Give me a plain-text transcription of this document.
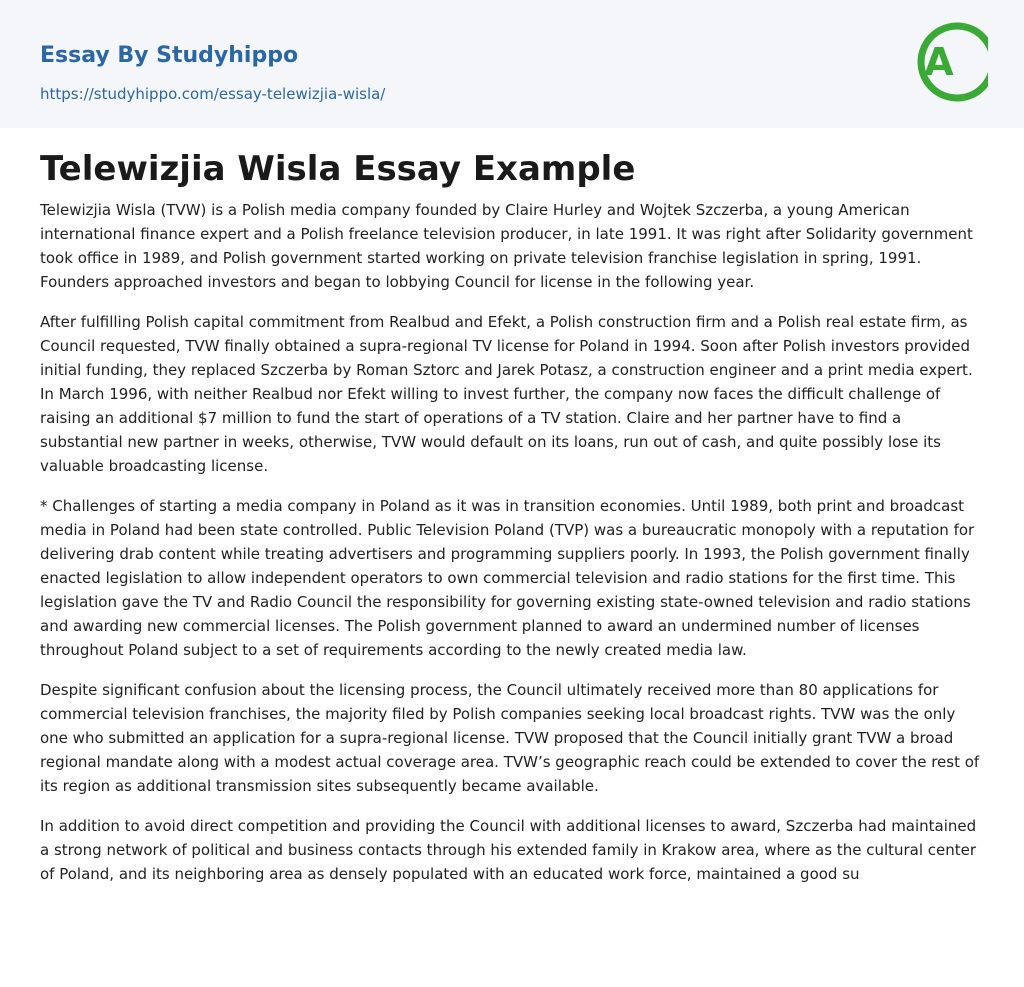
Essay By Studyhippo
https://studyhippo.com/essay-telewizjia-wisla/
A
Telewizjia Wisla Essay Example

Telewizjia Wisla (TVW) is a Polish media company founded by Claire Hurley and Wojtek Szczerba, a young American international finance expert and a Polish freelance television producer, in late 1991. It was right after Solidarity government took office in 1989, and Polish government started working on private television franchise legislation in spring, 1991. Founders approached investors and began to lobbying Council for license in the following year.

After fulfilling Polish capital commitment from Realbud and Efekt, a Polish construction firm and a Polish real estate firm, as Council requested, TVW finally obtained a supra-regional TV license for Poland in 1994. Soon after Polish investors provided initial funding, they replaced Szczerba by Roman Sztorc and Jarek Potasz, a construction engineer and a print media expert. In March 1996, with neither Realbud nor Efekt willing to invest further, the company now faces the difficult challenge of raising an additional $7 million to fund the start of operations of a TV station. Claire and her partner have to find a substantial new partner in weeks, otherwise, TVW would default on its loans, run out of cash, and quite possibly lose its valuable broadcasting license.

* Challenges of starting a media company in Poland as it was in transition economies. Until 1989, both print and broadcast media in Poland had been state controlled. Public Television Poland (TVP) was a bureaucratic monopoly with a reputation for delivering drab content while treating advertisers and programming suppliers poorly. In 1993, the Polish government finally enacted legislation to allow independent operators to own commercial television and radio stations for the first time. This legislation gave the TV and Radio Council the responsibility for governing existing state-owned television and radio stations and awarding new commercial licenses. The Polish government planned to award an undermined number of licenses throughout Poland subject to a set of requirements according to the newly created media law.

Despite significant confusion about the licensing process, the Council ultimately received more than 80 applications for commercial television franchises, the majority filed by Polish companies seeking local broadcast rights. TVW was the only one who submitted an application for a supra-regional license. TVW proposed that the Council initially grant TVW a broad regional mandate along with a modest actual coverage area. TVW’s geographic reach could be extended to cover the rest of its region as additional transmission sites subsequently became available.

In addition to avoid direct competition and providing the Council with additional licenses to award, Szczerba had maintained a strong network of political and business contacts through his extended family in Krakow area, where as the cultural center of Poland, and its neighboring area as densely populated with an educated work force, maintained a good su
